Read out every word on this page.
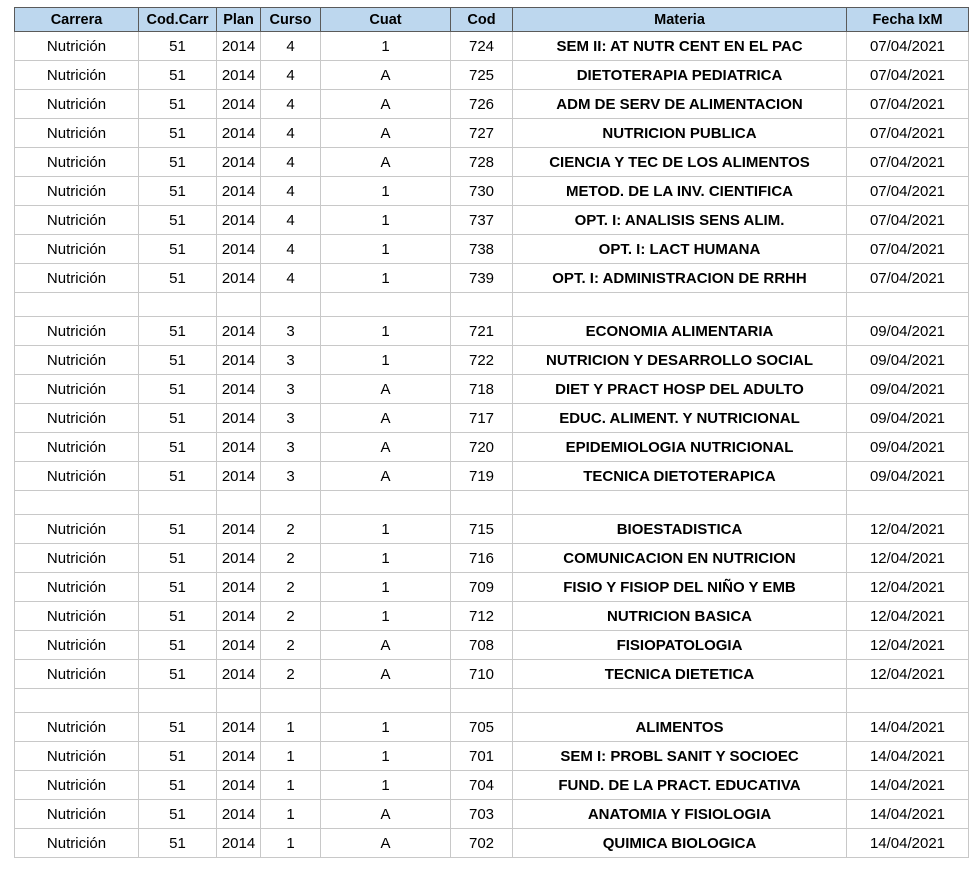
Carrera	Cod.Carr	Plan	Curso	Cuat	Cod	Materia	Fecha IxM
Nutrición	51	2014	4	1	724	SEM II: AT NUTR CENT EN EL PAC	07/04/2021
Nutrición	51	2014	4	A	725	DIETOTERAPIA PEDIATRICA	07/04/2021
Nutrición	51	2014	4	A	726	ADM DE SERV DE ALIMENTACION	07/04/2021
Nutrición	51	2014	4	A	727	NUTRICION PUBLICA	07/04/2021
Nutrición	51	2014	4	A	728	CIENCIA Y TEC DE LOS ALIMENTOS	07/04/2021
Nutrición	51	2014	4	1	730	METOD. DE LA INV. CIENTIFICA	07/04/2021
Nutrición	51	2014	4	1	737	OPT. I: ANALISIS SENS ALIM.	07/04/2021
Nutrición	51	2014	4	1	738	OPT. I: LACT HUMANA	07/04/2021
Nutrición	51	2014	4	1	739	OPT. I: ADMINISTRACION DE RRHH	07/04/2021

Nutrición	51	2014	3	1	721	ECONOMIA ALIMENTARIA	09/04/2021
Nutrición	51	2014	3	1	722	NUTRICION Y DESARROLLO SOCIAL	09/04/2021
Nutrición	51	2014	3	A	718	DIET Y PRACT HOSP DEL ADULTO	09/04/2021
Nutrición	51	2014	3	A	717	EDUC. ALIMENT. Y NUTRICIONAL	09/04/2021
Nutrición	51	2014	3	A	720	EPIDEMIOLOGIA NUTRICIONAL	09/04/2021
Nutrición	51	2014	3	A	719	TECNICA DIETOTERAPICA	09/04/2021

Nutrición	51	2014	2	1	715	BIOESTADISTICA	12/04/2021
Nutrición	51	2014	2	1	716	COMUNICACION EN NUTRICION	12/04/2021
Nutrición	51	2014	2	1	709	FISIO Y FISIOP DEL NIÑO Y EMB	12/04/2021
Nutrición	51	2014	2	1	712	NUTRICION BASICA	12/04/2021
Nutrición	51	2014	2	A	708	FISIOPATOLOGIA	12/04/2021
Nutrición	51	2014	2	A	710	TECNICA DIETETICA	12/04/2021

Nutrición	51	2014	1	1	705	ALIMENTOS	14/04/2021
Nutrición	51	2014	1	1	701	SEM I: PROBL SANIT Y SOCIOEC	14/04/2021
Nutrición	51	2014	1	1	704	FUND. DE LA PRACT. EDUCATIVA	14/04/2021
Nutrición	51	2014	1	A	703	ANATOMIA Y FISIOLOGIA	14/04/2021
Nutrición	51	2014	1	A	702	QUIMICA BIOLOGICA	14/04/2021
